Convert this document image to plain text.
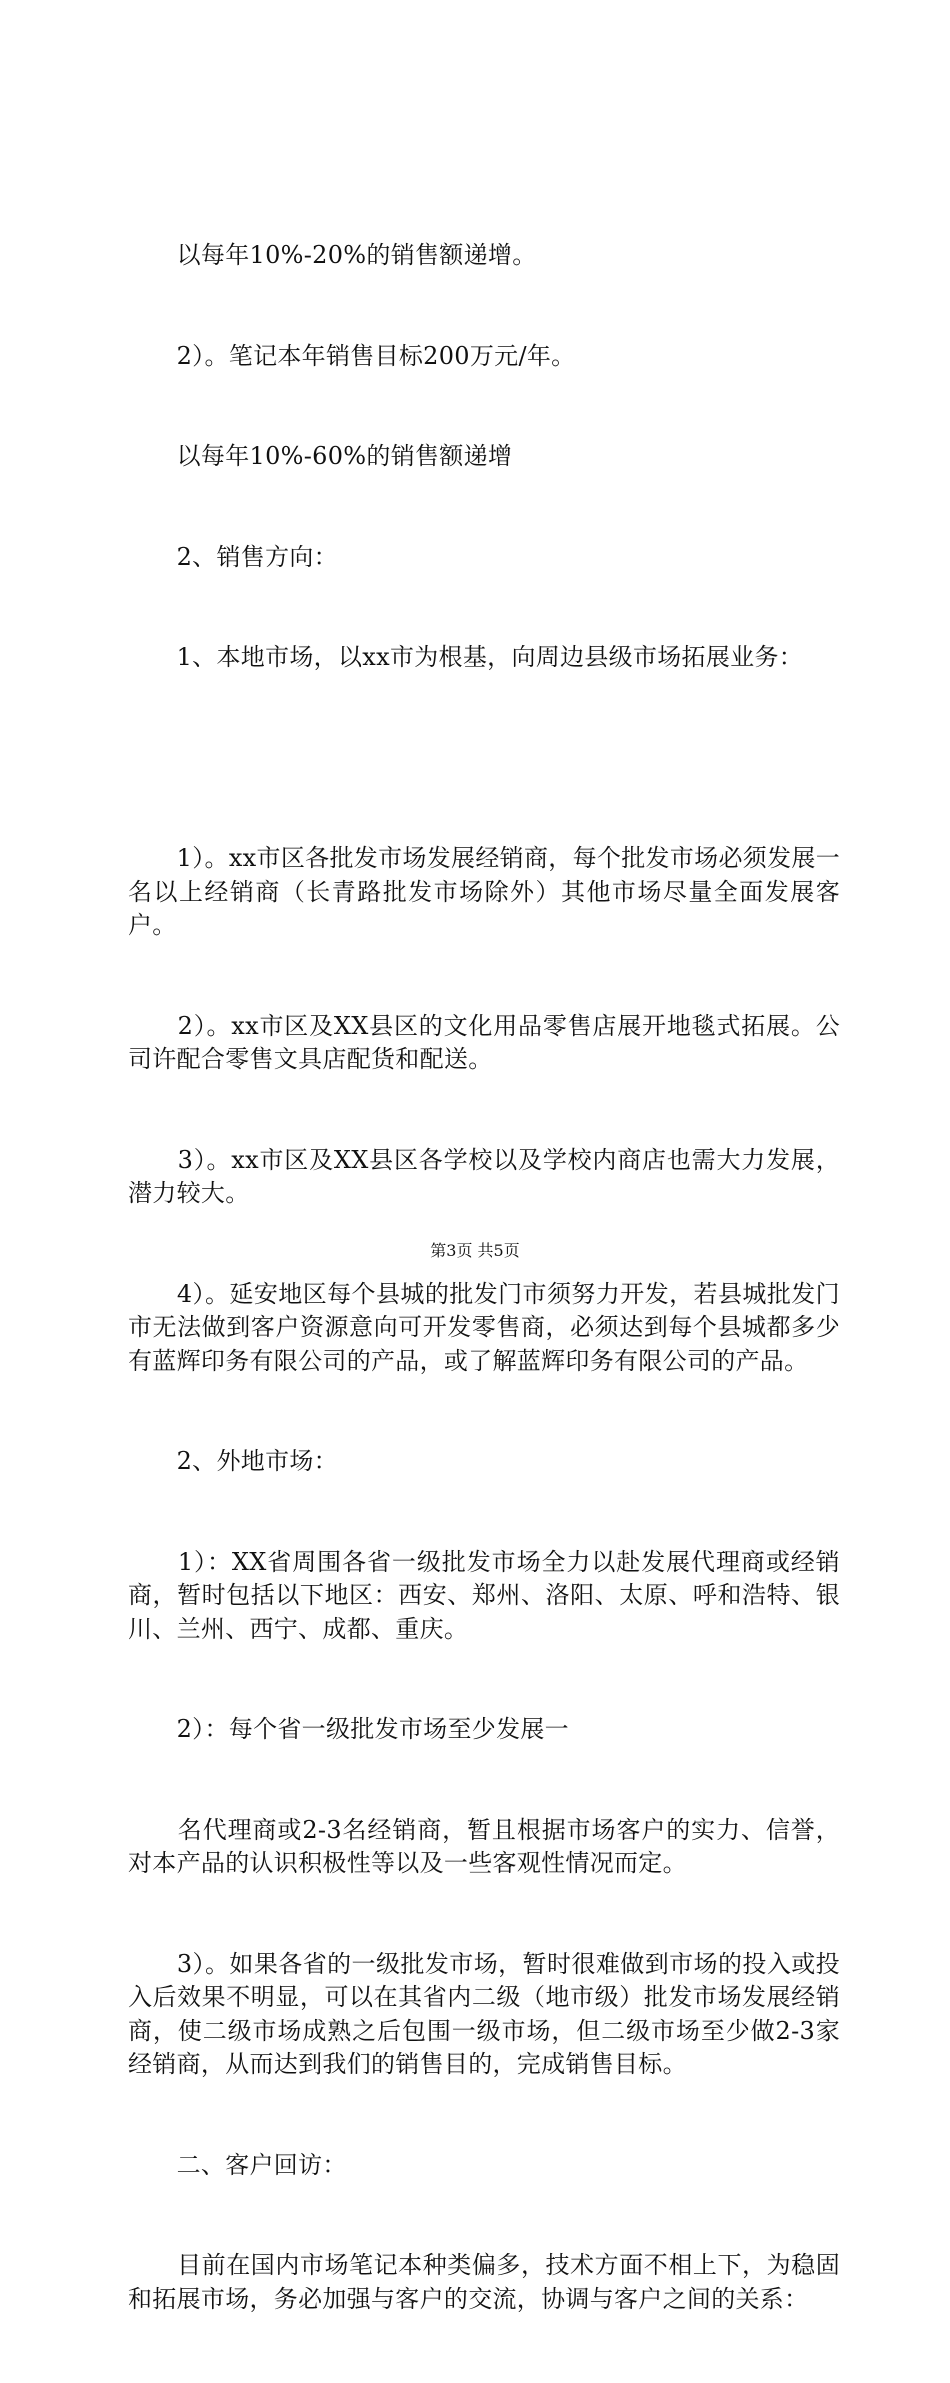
　　以每年10%-20%的销售额递增。

　　2）。笔记本年销售目标200万元/年。

　　以每年10%-60%的销售额递增

　　2、销售方向：

　　1、本地市场，以xx市为根基，向周边县级市场拓展业务：

　　1）。xx市区各批发市场发展经销商，每个批发市场必须发展一名以上经销商（长青路批发市场除外）其他市场尽量全面发展客户。

　　2）。xx市区及XX县区的文化用品零售店展开地毯式拓展。公司许配合零售文具店配货和配送。

　　3）。xx市区及XX县区各学校以及学校内商店也需大力发展，潜力较大。

　　4）。延安地区每个县城的批发门市须努力开发，若县城批发门市无法做到客户资源意向可开发零售商，必须达到每个县城都多少有蓝辉印务有限公司的产品，或了解蓝辉印务有限公司的产品。

　　2、外地市场：

　　1）：XX省周围各省一级批发市场全力以赴发展代理商或经销商，暂时包括以下地区：西安、郑州、洛阳、太原、呼和浩特、银川、兰州、西宁、成都、重庆。

　　2）：每个省一级批发市场至少发展一

　　名代理商或2-3名经销商，暂且根据市场客户的实力、信誉，对本产品的认识积极性等以及一些客观性情况而定。

　　3）。如果各省的一级批发市场，暂时很难做到市场的投入或投入后效果不明显，可以在其省内二级（地市级）批发市场发展经销商，使二级市场成熟之后包围一级市场，但二级市场至少做2-3家经销商，从而达到我们的销售目的，完成销售目标。

　　二、客户回访：

　　目前在国内市场笔记本种类偏多，技术方面不相上下，为稳固和拓展市场，务必加强与客户的交流，协调与客户之间的关系：

第3页 共5页
